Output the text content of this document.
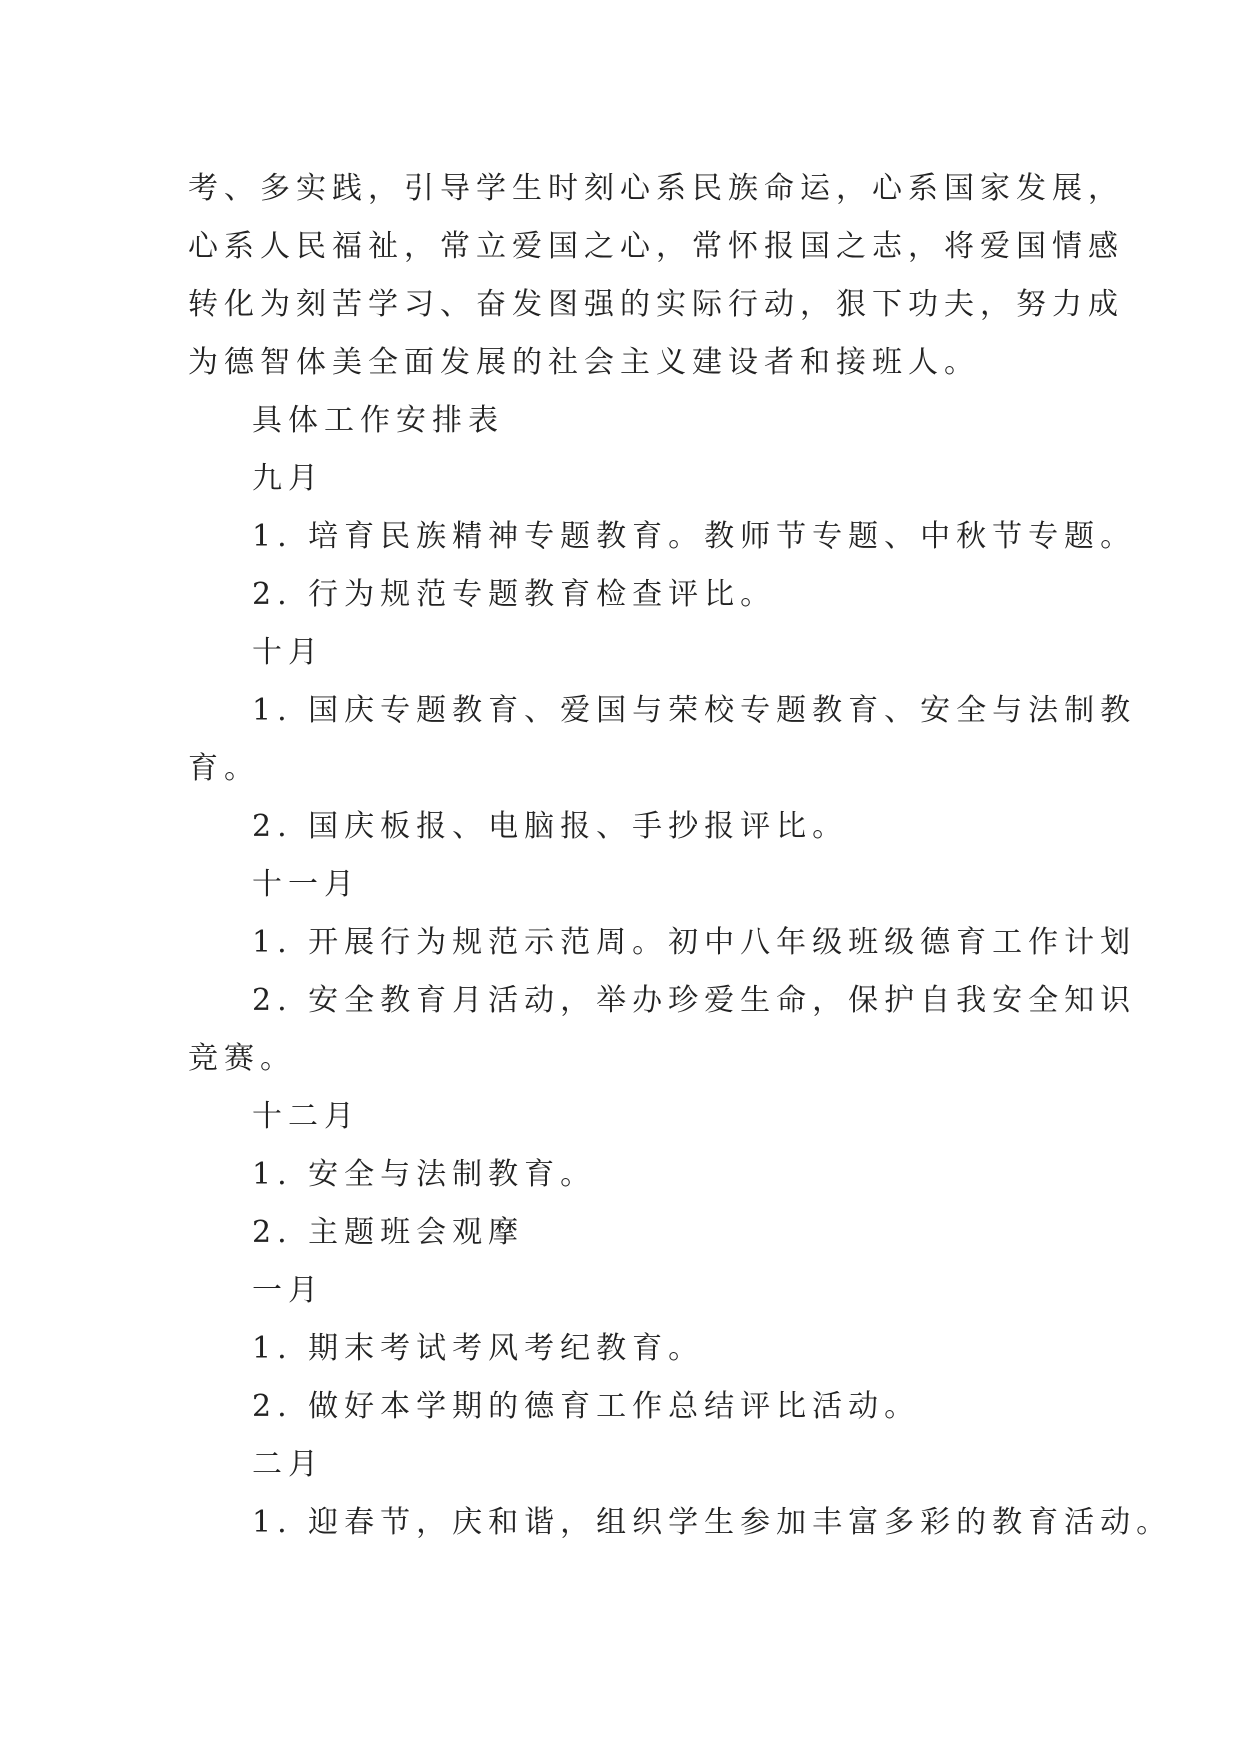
考、多实践，引导学生时刻心系民族命运，心系国家发展，
心系人民福祉，常立爱国之心，常怀报国之志，将爱国情感
转化为刻苦学习、奋发图强的实际行动，狠下功夫，努力成
为德智体美全面发展的社会主义建设者和接班人。
具体工作安排表
九月
1. 培育民族精神专题教育。教师节专题、中秋节专题。
2. 行为规范专题教育检查评比。
十月
1. 国庆专题教育、爱国与荣校专题教育、安全与法制教
育。
2. 国庆板报、电脑报、手抄报评比。
十一月
1. 开展行为规范示范周。初中八年级班级德育工作计划
2. 安全教育月活动，举办珍爱生命，保护自我安全知识
竞赛。
十二月
1. 安全与法制教育。
2. 主题班会观摩
一月
1. 期末考试考风考纪教育。
2. 做好本学期的德育工作总结评比活动。
二月
1. 迎春节，庆和谐，组织学生参加丰富多彩的教育活动。
